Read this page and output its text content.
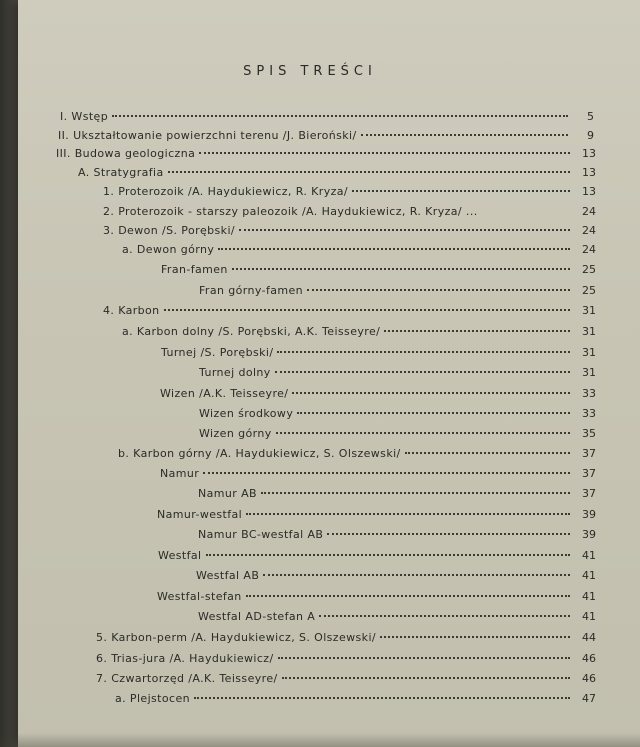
SPIS TREŚCI
I. Wstęp	5
II. Ukształtowanie powierzchni terenu /J. Bieroński/	9
III. Budowa geologiczna	13
A. Stratygrafia	13
1. Proterozoik /A. Haydukiewicz, R. Kryza/	13
2. Proterozoik - starszy paleozoik /A. Haydukiewicz, R. Kryza/ ...	24
3. Dewon /S. Porębski/	24
a. Dewon górny	24
Fran-famen	25
Fran górny-famen	25
4. Karbon	31
a. Karbon dolny /S. Porębski, A.K. Teisseyre/	31
Turnej /S. Porębski/	31
Turnej dolny	31
Wizen /A.K. Teisseyre/	33
Wizen środkowy	33
Wizen górny	35
b. Karbon górny /A. Haydukiewicz, S. Olszewski/	37
Namur	37
Namur AB	37
Namur-westfal	39
Namur BC-westfal AB	39
Westfal	41
Westfal AB	41
Westfal-stefan	41
Westfal AD-stefan A	41
5. Karbon-perm /A. Haydukiewicz, S. Olszewski/	44
6. Trias-jura /A. Haydukiewicz/	46
7. Czwartorzęd /A.K. Teisseyre/	46
a. Plejstocen	47
